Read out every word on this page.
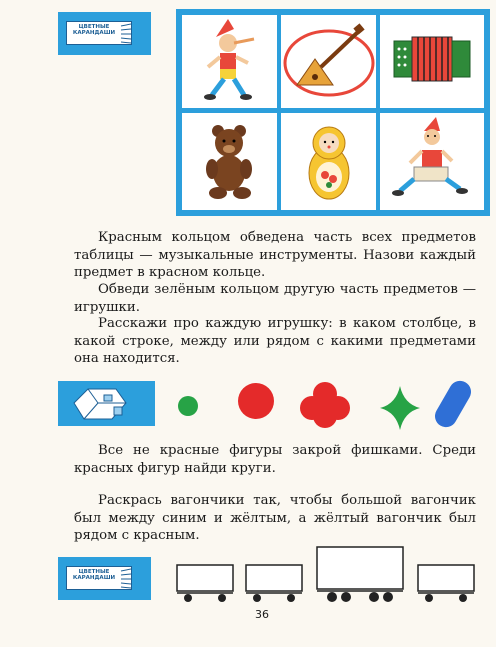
ЦВЕТНЫЕ
КАРАНДАШИ

Красным кольцом обведена часть всех предметов таблицы — музыкальные инструменты. Назови каждый предмет в красном кольце.

Обведи зелёным кольцом другую часть предметов — игрушки.

Расскажи про каждую игрушку: в каком столбце, в какой строке, между или рядом с какими предметами она находится.

Все не красные фигуры закрой фишками. Среди красных фигур найди круги.

Раскрась вагончики так, чтобы большой вагончик был между синим и жёлтым, а жёлтый вагончик был рядом с красным.

ЦВЕТНЫЕ
КАРАНДАШИ
36
